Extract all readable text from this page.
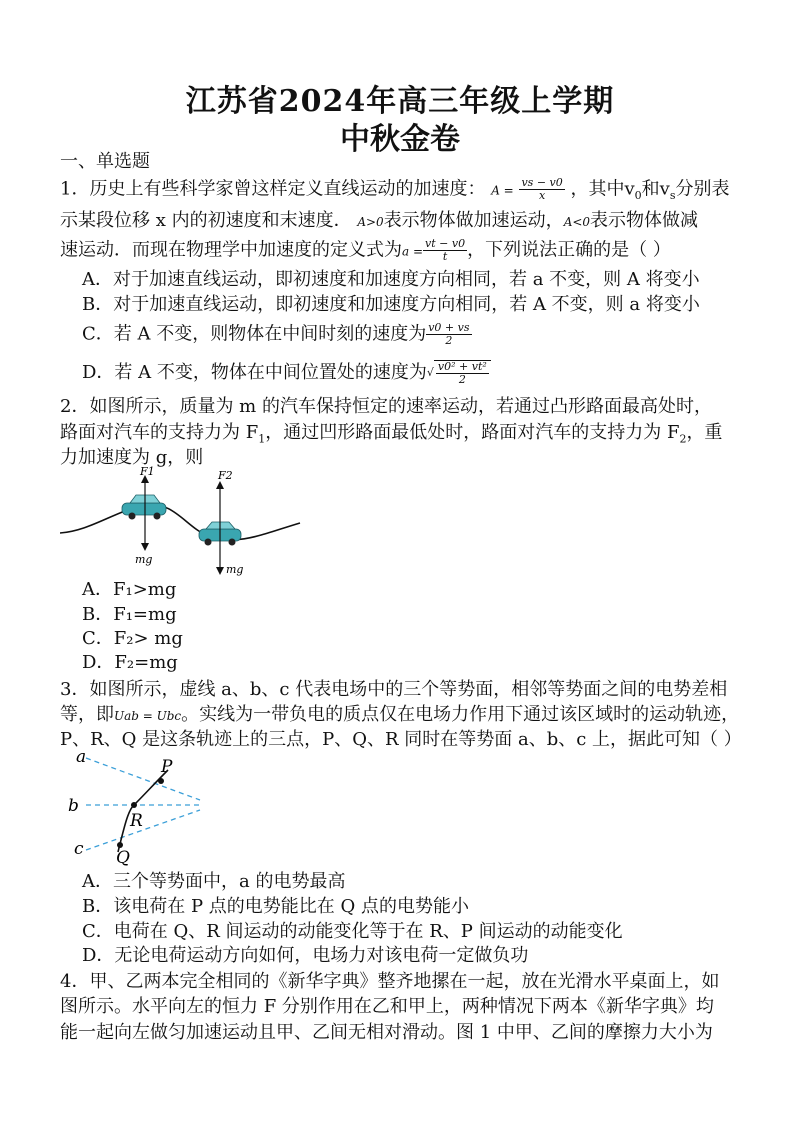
江苏省2024年高三年级上学期
中秋金卷
一、单选题
1．历史上有些科学家曾这样定义直线运动的加速度： $A = \frac{vs - v0}{x}$ ，其中$v_0$和$v_s$分别表
示某段位移 x 内的初速度和末速度． A>0表示物体做加速运动，A<0表示物体做减
速运动．而现在物理学中加速度的定义式为$a = \frac{vt - v0}{t}$ ，下列说法正确的是（ ）
A．对于加速直线运动，即初速度和加速度方向相同，若 a 不变，则 A 将变小
B．对于加速直线运动，即初速度和加速度方向相同，若 A 不变，则 a 将变小
C．若 A 不变，则物体在中间时刻的速度为 $\frac{v0 + vs}{2}$
D．若 A 不变，物体在中间位置处的速度为√ $\frac{\text{v0² + vt²}}{2}$
2．如图所示，质量为 m 的汽车保持恒定的速率运动，若通过凸形路面最高处时，
路面对汽车的支持力为 $F_1$，通过凹形路面最低处时，路面对汽车的支持力为 $F_2$，重
力加速度为 g，则
F1
mg
F2
mg
A．F₁>mg
B．F₁=mg
C．F₂> mg
D．F₂=mg
3．如图所示，虚线 a、b、c 代表电场中的三个等势面，相邻等势面之间的电势差相
等，即Uab = Ubc。实线为一带负电的质点仅在电场力作用下通过该区域时的运动轨迹，
P、R、Q 是这条轨迹上的三点，P、Q、R 同时在等势面 a、b、c 上，据此可知（ ）
a
b
c
P
R
Q
A．三个等势面中，a 的电势最高
B．该电荷在 P 点的电势能比在 Q 点的电势能小
C．电荷在 Q、R 间运动的动能变化等于在 R、P 间运动的动能变化
D．无论电荷运动方向如何，电场力对该电荷一定做负功
4．甲、乙两本完全相同的《新华字典》整齐地摞在一起，放在光滑水平桌面上，如
图所示。水平向左的恒力 F 分别作用在乙和甲上，两种情况下两本《新华字典》均
能一起向左做匀加速运动且甲、乙间无相对滑动。图 1 中甲、乙间的摩擦力大小为
